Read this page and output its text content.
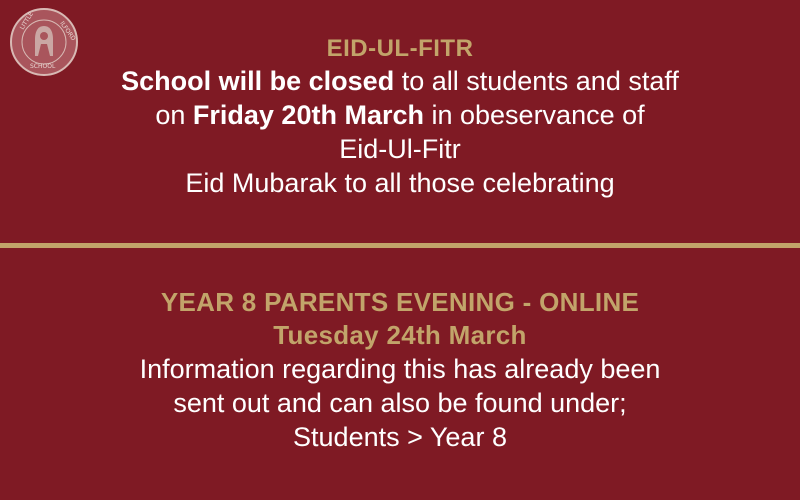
LITTLE	ILFORD
SCHOOL
EID-UL-FITR
School will be closed to all students and staff
on Friday 20th March in obeservance of
Eid-Ul-Fitr
Eid Mubarak to all those celebrating
YEAR 8 PARENTS EVENING - ONLINE
Tuesday 24th March
Information regarding this has already been
sent out and can also be found under;
Students > Year 8
